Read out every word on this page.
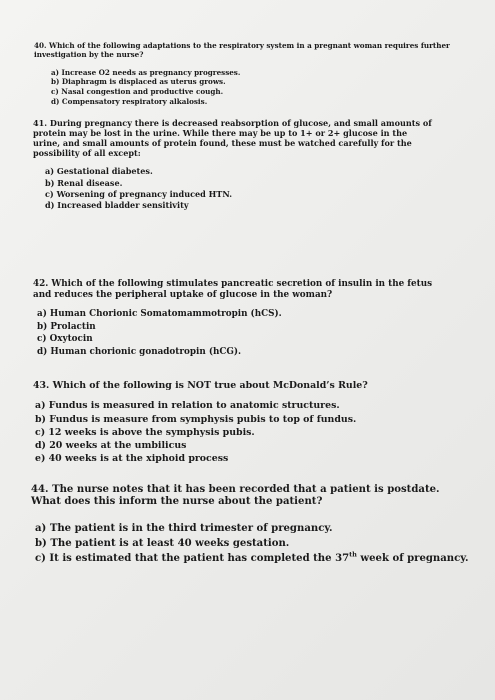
40. Which of the following adaptations to the respiratory system in a pregnant woman requires further investigation by the nurse?

a) Increase O2 needs as pregnancy progresses.
b) Diaphragm is displaced as uterus grows.
c) Nasal congestion and productive cough.
d) Compensatory respiratory alkalosis.

41. During pregnancy there is decreased reabsorption of glucose, and small amounts of protein may be lost in the urine. While there may be up to 1+ or 2+ glucose in the urine, and small amounts of protein found, these must be watched carefully for the possibility of all except:

a) Gestational diabetes.
b) Renal disease.
c) Worsening of pregnancy induced HTN.
d) Increased bladder sensitivity

42. Which of the following stimulates pancreatic secretion of insulin in the fetus and reduces the peripheral uptake of glucose in the woman?

a) Human Chorionic Somatomammotropin (hCS).
b) Prolactin
c) Oxytocin
d) Human chorionic gonadotropin (hCG).

43. Which of the following is NOT true about McDonald’s Rule?

a) Fundus is measured in relation to anatomic structures.
b) Fundus is measure from symphysis pubis to top of fundus.
c) 12 weeks is above the symphysis pubis.
d) 20 weeks at the umbilicus
e) 40 weeks is at the xiphoid process

44. The nurse notes that it has been recorded that a patient is postdate. What does this inform the nurse about the patient?

a) The patient is in the third trimester of pregnancy.
b) The patient is at least 40 weeks gestation.
c) It is estimated that the patient has completed the 37th week of pregnancy.
